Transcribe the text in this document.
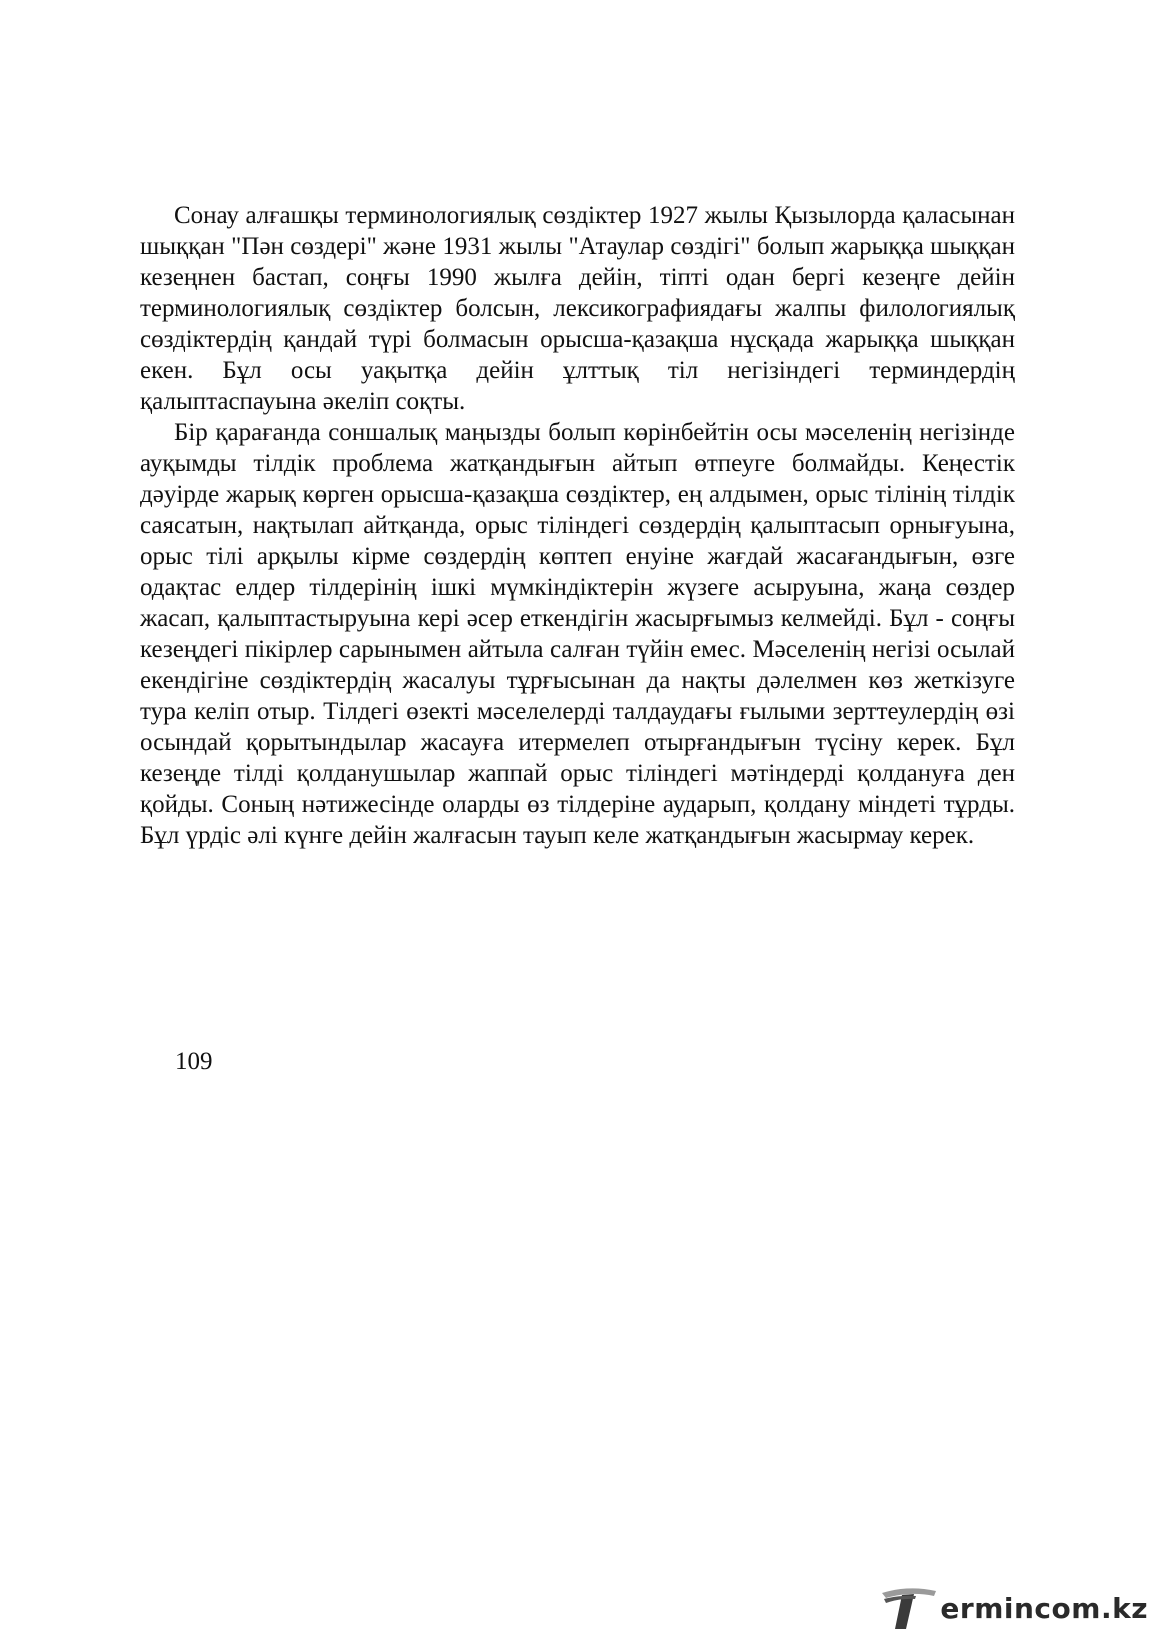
Сонау алғашқы терминологиялық сөздіктер 1927 жылы Қызылорда қаласынан шыққан "Пән сөздері" және 1931 жылы "Атаулар сөздігі" болып жарыққа шыққан кезеңнен бастап, соңғы 1990 жылға дейін, тіпті одан бергі кезеңге дейін терминологиялық сөздіктер болсын, лексикографиядағы жалпы филологиялық сөздіктердің қандай түрі болмасын орысша-қазақша нұсқада жарыққа шыққан екен. Бұл осы уақытқа дейін ұлттық тіл негізіндегі терминдердің қалыптаспауына әкеліп соқты.

Бір қарағанда соншалық маңызды болып көрінбейтін осы мәселенің негізінде ауқымды тілдік проблема жатқандығын айтып өтпеуге болмайды. Кеңестік дәуірде жарық көрген орысша-қазақша сөздіктер, ең алдымен, орыс тілінің тілдік саясатын, нақтылап айтқанда, орыс тіліндегі сөздердің қалыптасып орнығуына, орыс тілі арқылы кірме сөздердің көптеп енуіне жағдай жасағандығын, өзге одақтас елдер тілдерінің ішкі мүмкіндіктерін жүзеге асыруына, жаңа сөздер жасап, қалыптастыруына кері әсер еткендігін жасырғымыз келмейді. Бұл - соңғы кезеңдегі пікірлер сарынымен айтыла салған түйін емес. Мәселенің негізі осылай екендігіне сөздіктердің жасалуы тұрғысынан да нақты дәлелмен көз жеткізуге тура келіп отыр. Тілдегі өзекті мәселелерді талдаудағы ғылыми зерттеулердің өзі осындай қорытындылар жасауға итермелеп отырғандығын түсіну керек. Бұл кезеңде тілді қолданушылар жаппай орыс тіліндегі мәтіндерді қолдануға ден қойды. Соның нәтижесінде оларды өз тілдеріне аударып, қолдану міндеті тұрды. Бұл үрдіс әлі күнге дейін жалғасын тауып келе жатқандығын жасырмау керек.

109
ermincom.kz
